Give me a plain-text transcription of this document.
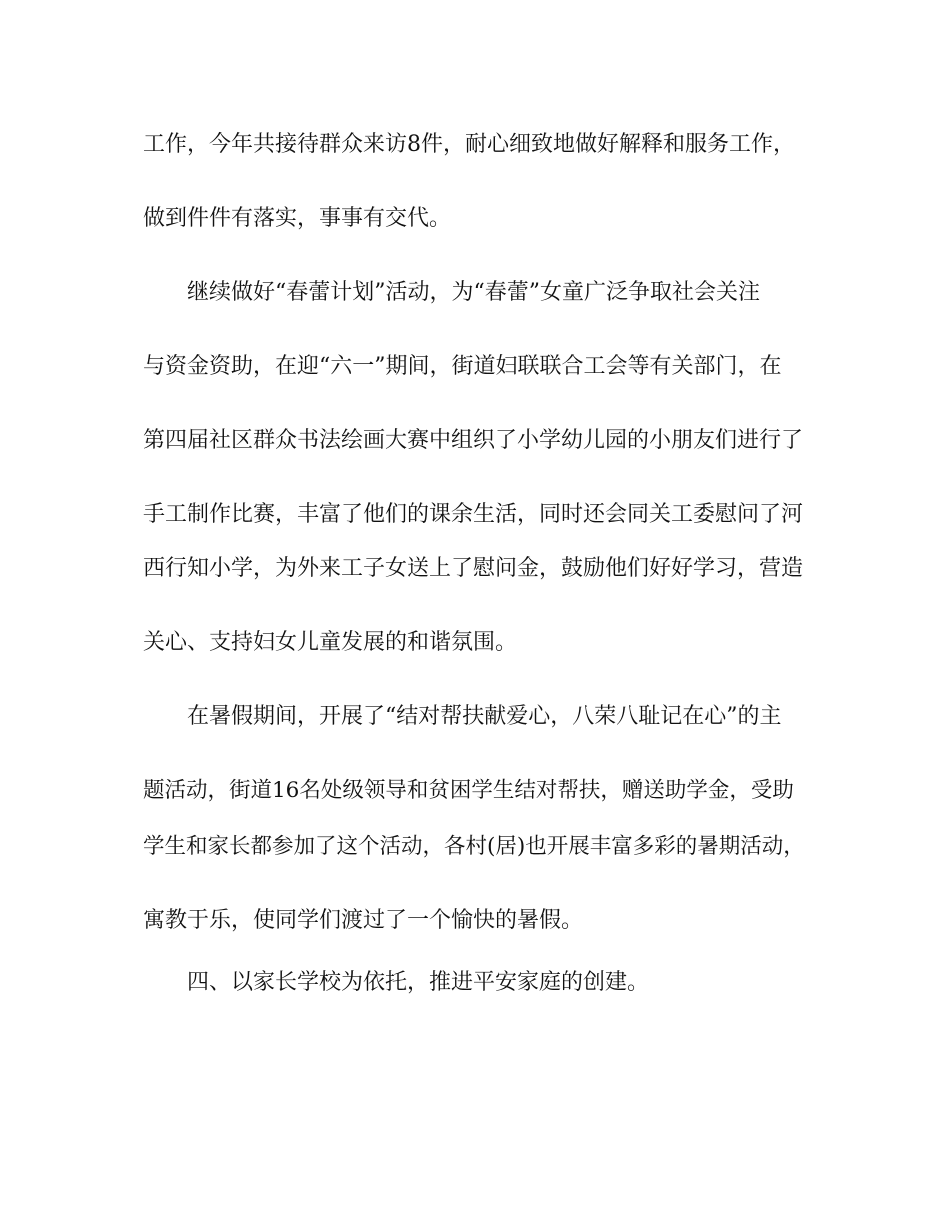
工作，今年共接待群众来访8件，耐心细致地做好解释和服务工作，
做到件件有落实，事事有交代。
继续做好“春蕾计划”活动，为“春蕾”女童广泛争取社会关注
与资金资助，在迎“六一”期间，街道妇联联合工会等有关部门，在
第四届社区群众书法绘画大赛中组织了小学幼儿园的小朋友们进行了
手工制作比赛，丰富了他们的课余生活，同时还会同关工委慰问了河
西行知小学，为外来工子女送上了慰问金，鼓励他们好好学习，营造
关心、支持妇女儿童发展的和谐氛围。
在暑假期间，开展了“结对帮扶献爱心，八荣八耻记在心”的主
题活动，街道16名处级领导和贫困学生结对帮扶，赠送助学金，受助
学生和家长都参加了这个活动，各村(居)也开展丰富多彩的暑期活动，
寓教于乐，使同学们渡过了一个愉快的暑假。
四、以家长学校为依托，推进平安家庭的创建。
